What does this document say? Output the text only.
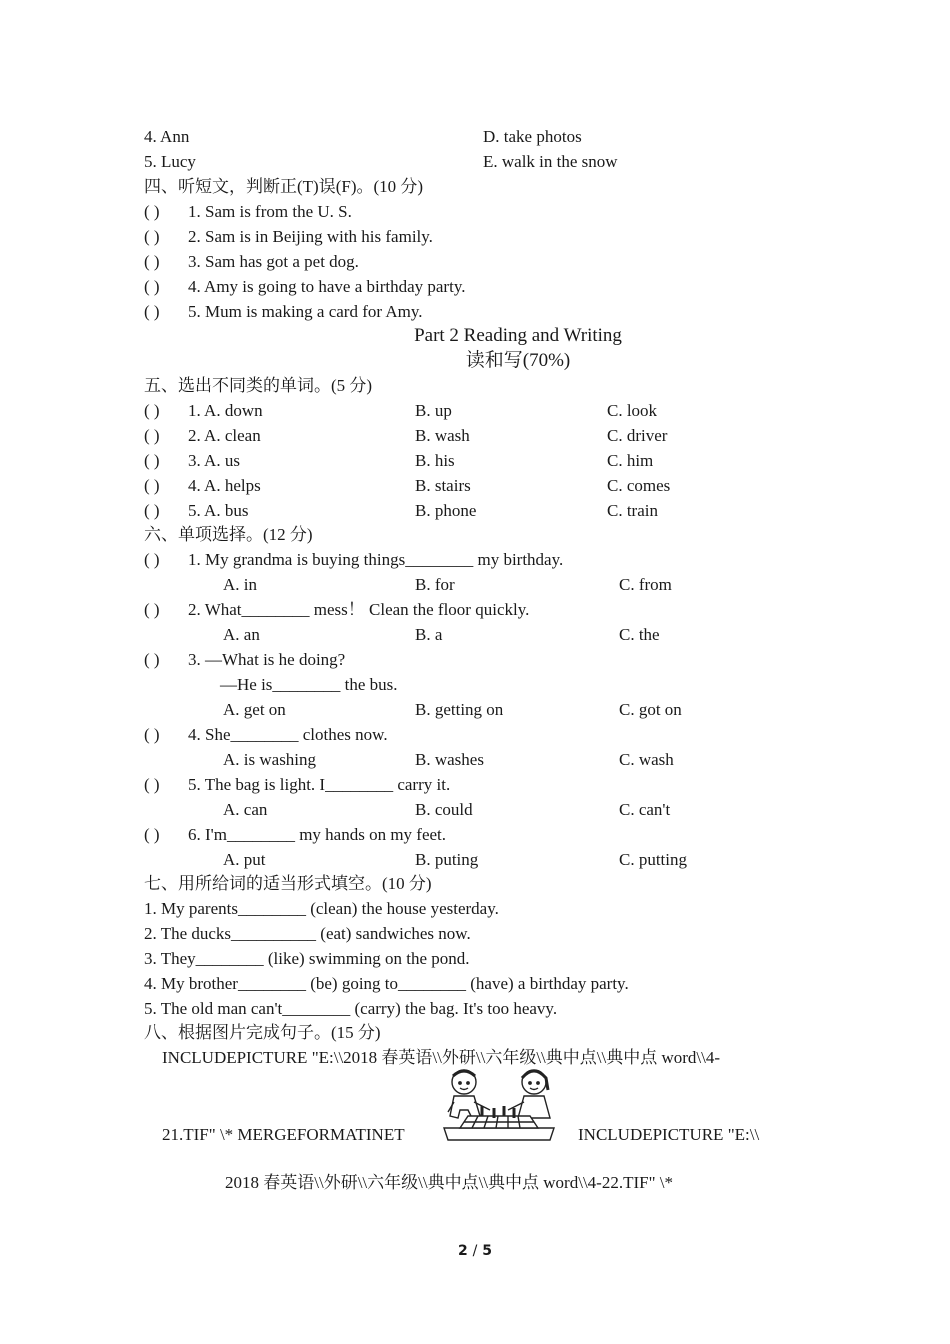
4. Ann	D. take photos
5. Lucy	E. walk in the snow
四、听短文，判断正(T)误(F)。(10 分)
( ) 1. Sam is from the U. S.
( ) 2. Sam is in Beijing with his family.
( ) 3. Sam has got a pet dog.
( ) 4. Amy is going to have a birthday party.
( ) 5. Mum is making a card for Amy.
Part 2 Reading and Writing
读和写(70%)
五、选出不同类的单词。(5 分)
( ) 1. A. down	B. up	C. look
( ) 2. A. clean	B. wash	C. driver
( ) 3. A. us	B. his	C. him
( ) 4. A. helps	B. stairs	C. comes
( ) 5. A. bus	B. phone	C. train
六、单项选择。(12 分)
( ) 1. My grandma is buying things________ my birthday.
A. in	B. for	C. from
( ) 2. What________ mess！ Clean the floor quickly.
A. an	B. a	C. the
( ) 3. —What is he doing?
—He is________ the bus.
A. get on	B. getting on	C. got on
( ) 4. She________ clothes now.
A. is washing	B. washes	C. wash
( ) 5. The bag is light. I________ carry it.
A. can	B. could	C. can't
( ) 6. I'm________ my hands on my feet.
A. put	B. puting	C. putting
七、用所给词的适当形式填空。(10 分)
1. My parents________ (clean) the house yesterday.
2. The ducks__________ (eat) sandwiches now.
3. They________ (like) swimming on the pond.
4. My brother________ (be) going to________ (have) a birthday party.
5. The old man can't________ (carry) the bag. It's too heavy.
八、根据图片完成句子。(15 分)
INCLUDEPICTURE "E:\\2018 春英语\\外研\\六年级\\典中点\\典中点 word\\4-
21.TIF" \* MERGEFORMATINET	INCLUDEPICTURE "E:\\
2018 春英语\\外研\\六年级\\典中点\\典中点 word\\4-22.TIF" \*
2 / 5
